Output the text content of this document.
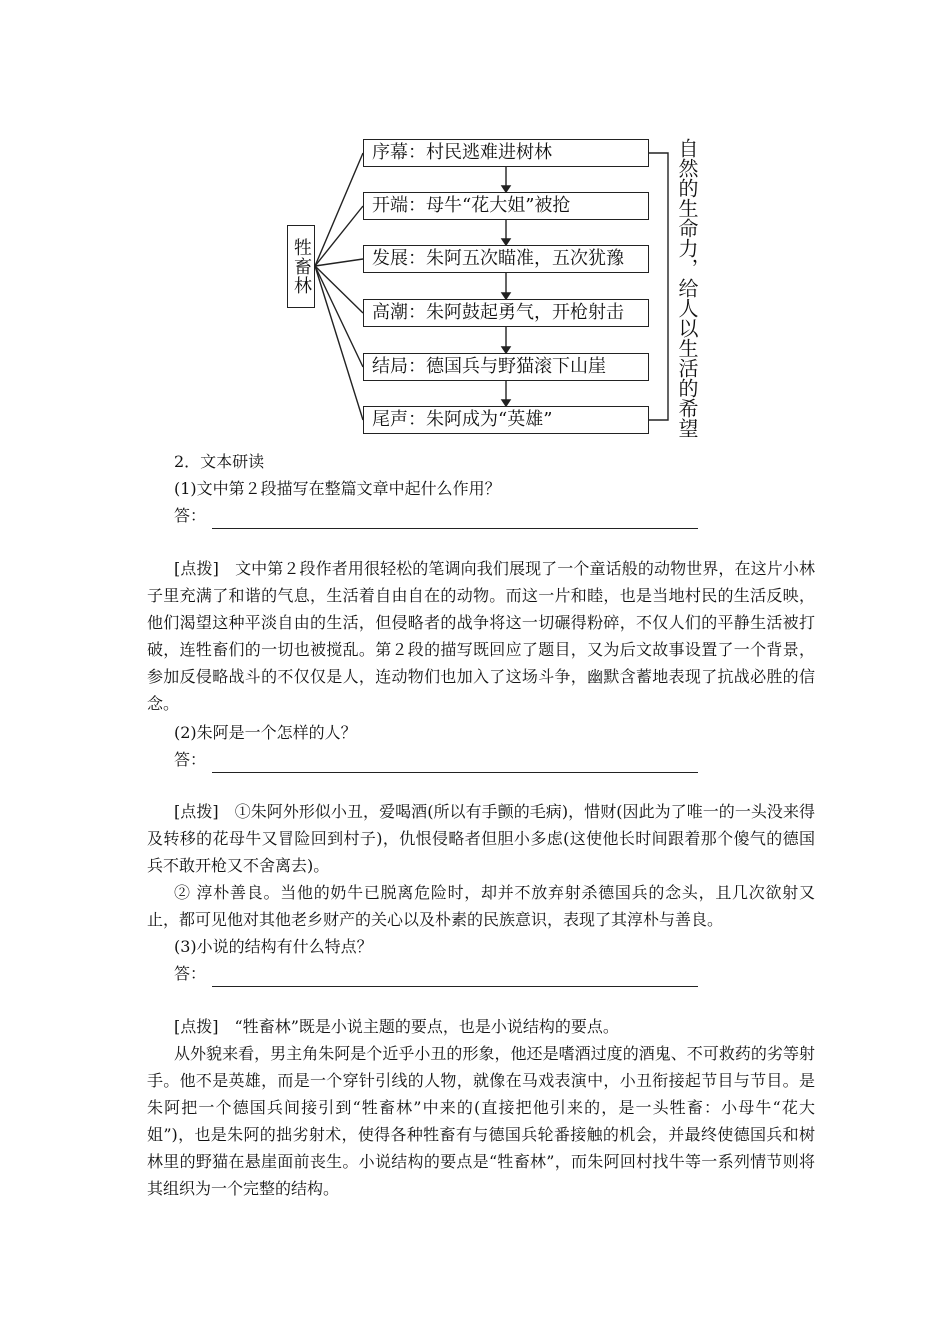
牲畜林
序幕：村民逃难进树林
开端：母牛“花大姐”被抢
发展：朱阿五次瞄准，五次犹豫
高潮：朱阿鼓起勇气，开枪射击
结局：德国兵与野猫滚下山崖
尾声：朱阿成为“英雄”	自然的生命力，给人以生活的希望
2．文本研读
(1)文中第２段描写在整篇文章中起什么作用？
答：
[点拨]　 文中第２段作者用很轻松的笔调向我们展现了一个童话般的动物世界，在这片小林子里充满了和谐的气息，生活着自由自在的动物。而这一片和睦，也是当地村民的生活反映，他们渴望这种平淡自由的生活，但侵略者的战争将这一切碾得粉碎，不仅人们的平静生活被打破，连牲畜们的一切也被搅乱。第２段的描写既回应了题目，又为后文故事设置了一个背景，参加反侵略战斗的不仅仅是人，连动物们也加入了这场斗争，幽默含蓄地表现了抗战必胜的信念。
(2)朱阿是一个怎样的人？
答：
[点拨]　 ①朱阿外形似小丑，爱喝酒(所以有手颤的毛病)，惜财(因此为了唯一的一头没来得及转移的花母牛又冒险回到村子)，仇恨侵略者但胆小多虑(这使他长时间跟着那个傻气的德国兵不敢开枪又不舍离去)。
② 淳朴善良。当他的奶牛已脱离危险时，却并不放弃射杀德国兵的念头，且几次欲射又止，都可见他对其他老乡财产的关心以及朴素的民族意识，表现了其淳朴与善良。
(3)小说的结构有什么特点？
答：
[点拨]　 “牲畜林”既是小说主题的要点，也是小说结构的要点。
从外貌来看，男主角朱阿是个近乎小丑的形象，他还是嗜酒过度的酒鬼、不可救药的劣等射手。他不是英雄，而是一个穿针引线的人物，就像在马戏表演中，小丑衔接起节目与节目。是朱阿把一个德国兵间接引到“牲畜林”中来的(直接把他引来的，是一头牲畜：小母牛“花大姐”)，也是朱阿的拙劣射术，使得各种牲畜有与德国兵轮番接触的机会，并最终使德国兵和树林里的野猫在悬崖面前丧生。小说结构的要点是“牲畜林”，而朱阿回村找牛等一系列情节则将其组织为一个完整的结构。
